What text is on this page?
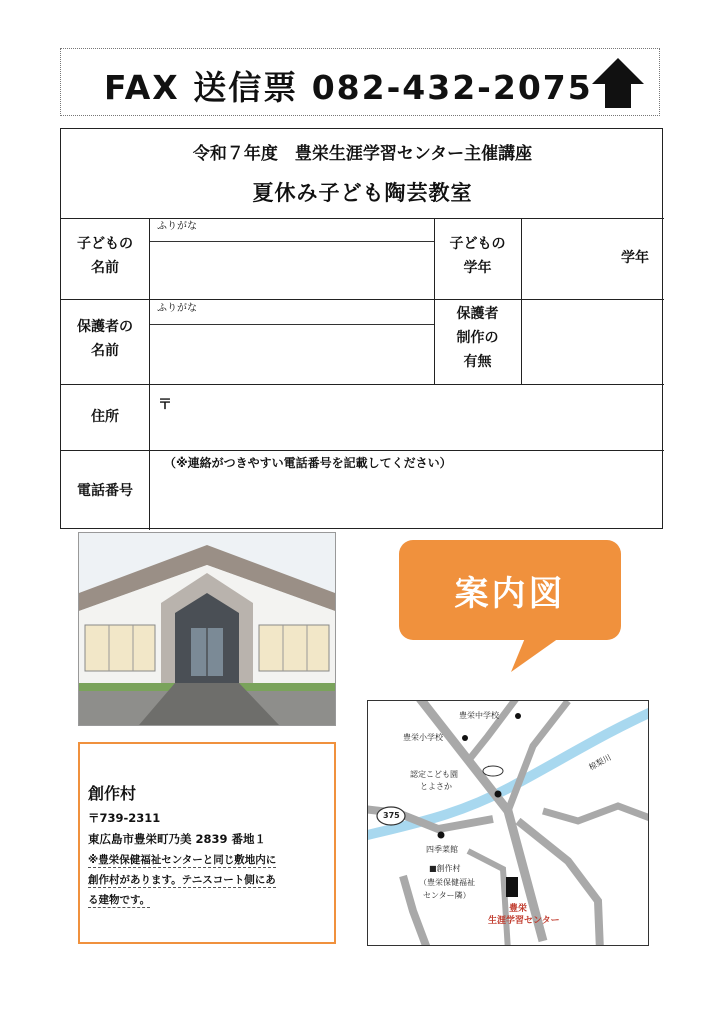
FAX 送信票 082-432-2075
令和７年度　豊栄生涯学習センター主催講座
夏休み子ども陶芸教室
子どもの
名前
ふりがな
子どもの
学年
学年
保護者の
名前
ふりがな	保護者
制作の
有無
住所
〒
電話番号
（※連絡がつきやすい電話番号を記載してください）
創作村
〒739-2311
東広島市豊栄町乃美 2839 番地１
※豊栄保健福祉センターと同じ敷地内に
創作村があります。テニスコート側にあ
る建物です。
案内図
豊栄中学校
豊栄小学校
椋梨川
認定こども園
とよさか
375
四季菜館
■創作村
（豊栄保健福祉
センター隣）
豊栄
生涯学習センター
